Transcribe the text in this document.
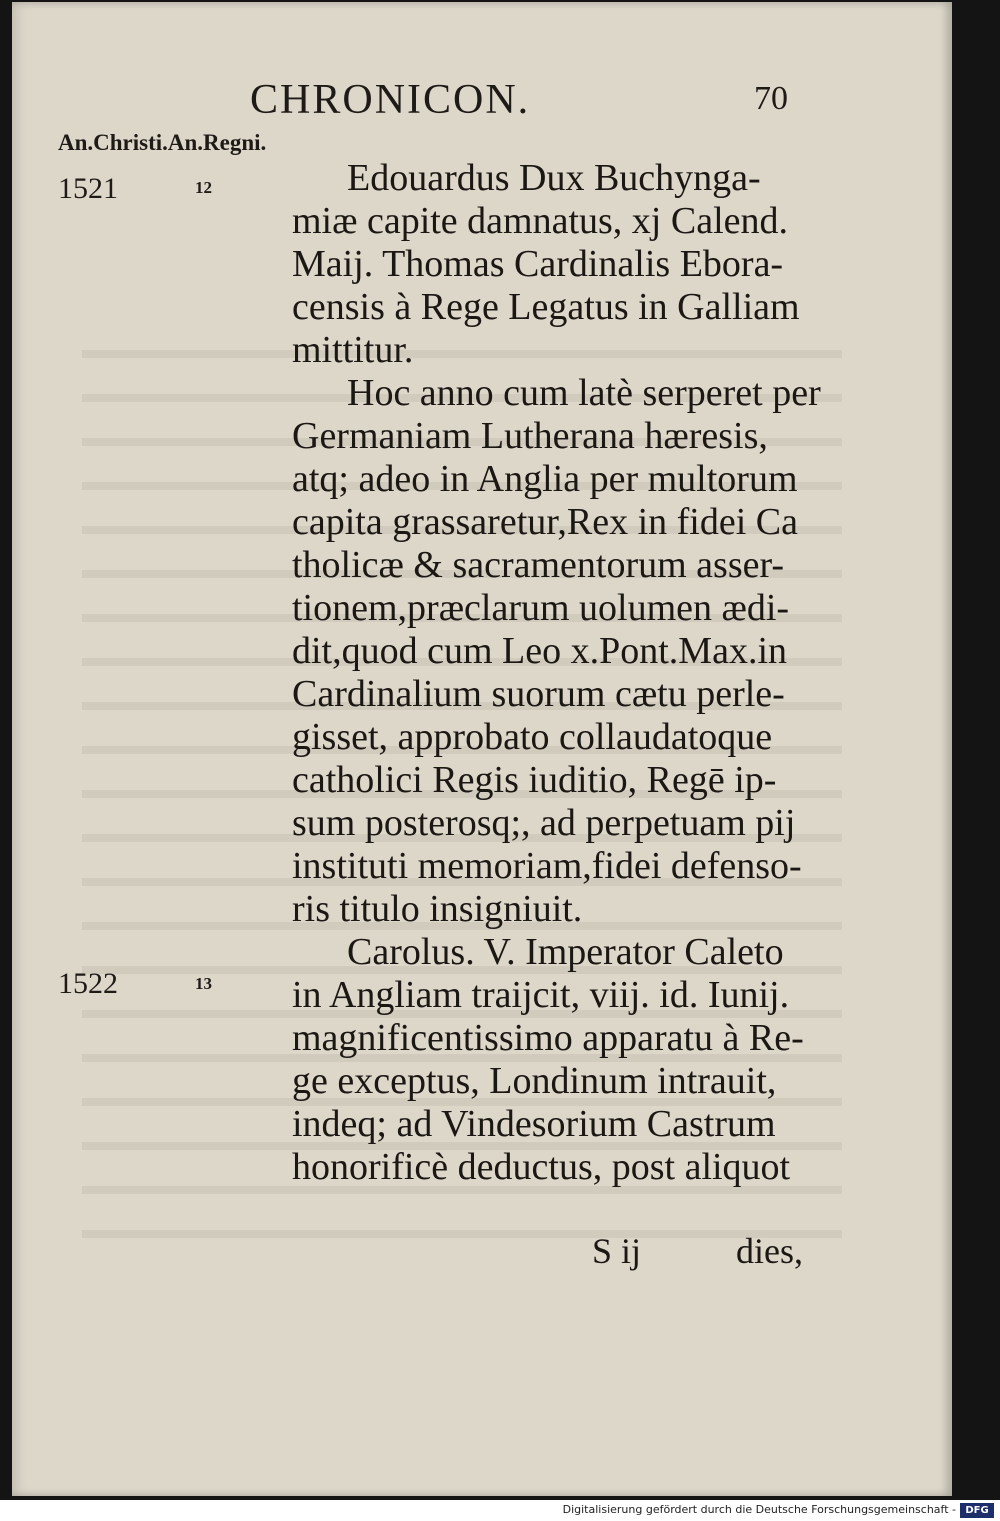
CHRONICON.	70
An.Christi.An.Regni.
1521	12
1522	13
Edouardus Dux Buchynga-
miæ capite damnatus, xj Calend.
Maij. Thomas Cardinalis Ebora-
censis à Rege Legatus in Galliam
mittitur.
Hoc anno cum latè serperet per
Germaniam Lutherana hæresis,
atq; adeo in Anglia per multorum
capita grassaretur,Rex in fidei Ca
tholicæ & sacramentorum asser-
tionem,præclarum uolumen ædi-
dit,quod cum Leo x.Pont.Max.in
Cardinalium suorum cætu perle-
gisset, approbato collaudatoque
catholici Regis iuditio, Regē ip-
sum posterosq;, ad perpetuam pij
instituti memoriam,fidei defenso-
ris titulo insigniuit.
Carolus. V. Imperator Caleto
in Angliam traijcit, viij. id. Iunij.
magnificentissimo apparatu à Re-
ge exceptus, Londinum intrauit,
indeq; ad Vindesorium Castrum
honorificè deductus, post aliquot
S ij	dies,
Digitalisierung gefördert durch die Deutsche Forschungsgemeinschaft - DFG
